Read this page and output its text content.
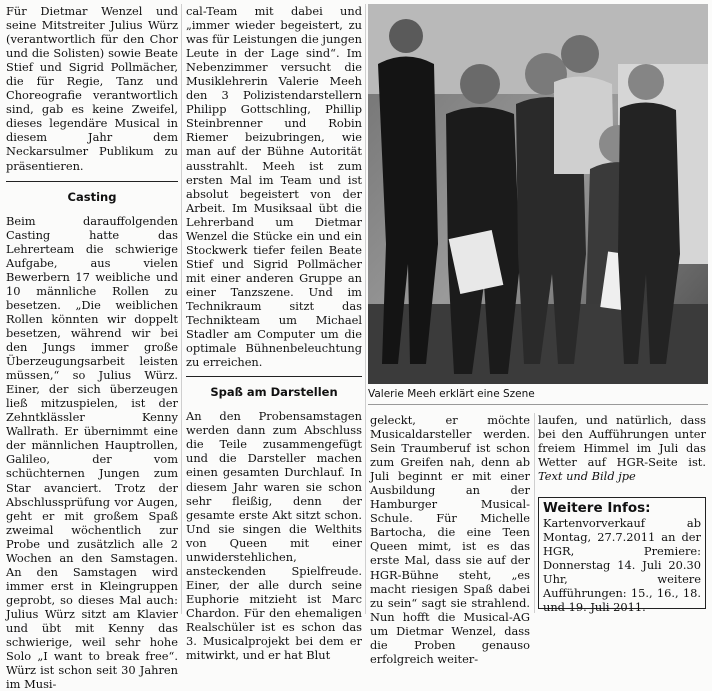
Für Dietmar Wenzel und seine Mitstreiter Julius Würz (verantwortlich für den Chor und die Solisten) sowie Beate Stief und Sigrid Pollmächer, die für Regie, Tanz und Choreografie verantwortlich sind, gab es keine Zweifel, dieses legendäre Musical in diesem Jahr dem Neckarsulmer Publikum zu präsentieren.

Casting

Beim darauffolgenden Casting hatte das Lehrerteam die schwierige Aufgabe, aus vielen Bewerbern 17 weibliche und 10 männliche Rollen zu besetzen. „Die weiblichen Rollen könnten wir doppelt besetzen, während wir bei den Jungs immer große Überzeugungsarbeit leisten müssen,“ so Julius Würz. Einer, der sich überzeugen ließ mitzuspielen, ist der Zehntklässler Kenny Wallrath. Er übernimmt eine der männlichen Hauptrollen, Galileo, der vom schüchternen Jungen zum Star avanciert. Trotz der Abschlussprüfung vor Augen, geht er mit großem Spaß zweimal wöchentlich zur Probe und zusätzlich alle 2 Wochen an den Samstagen. An den Samstagen wird immer erst in Kleingruppen geprobt, so dieses Mal auch: Julius Würz sitzt am Klavier und übt mit Kenny das schwierige, weil sehr hohe Solo „I want to break free“. Würz ist schon seit 30 Jahren im Musi-

cal-Team mit dabei und „immer wieder begeistert, zu was für Leistungen die jungen Leute in der Lage sind“. Im Nebenzimmer versucht die Musiklehrerin Valerie Meeh den 3 Polizistendarstellern Philipp Gottschling, Phillip Steinbrenner und Robin Riemer beizubringen, wie man auf der Bühne Autorität ausstrahlt. Meeh ist zum ersten Mal im Team und ist absolut begeistert von der Arbeit. Im Musiksaal übt die Lehrerband um Dietmar Wenzel die Stücke ein und ein Stockwerk tiefer feilen Beate Stief und Sigrid Pollmächer mit einer anderen Gruppe an einer Tanzszene. Und im Technikraum sitzt das Technikteam um Michael Stadler am Computer um die optimale Bühnenbeleuchtung zu erreichen.

Spaß am Darstellen

An den Probensamstagen werden dann zum Abschluss die Teile zusammengefügt und die Darsteller machen einen gesamten Durchlauf. In diesem Jahr waren sie schon sehr fleißig, denn der gesamte erste Akt sitzt schon. Und sie singen die Welthits von Queen mit einer unwiderstehlichen, ansteckenden Spielfreude. Einer, der alle durch seine Euphorie mitzieht ist Marc Chardon. Für den ehemaligen Realschüler ist es schon das 3. Musicalprojekt bei dem er mitwirkt, und er hat Blut

Valerie Meeh erklärt eine Szene

geleckt, er möchte Musicaldarsteller werden. Sein Traumberuf ist schon zum Greifen nah, denn ab Juli beginnt er mit einer Ausbildung an der Hamburger Musical-Schule. Für Michelle Bartocha, die eine Teen Queen mimt, ist es das erste Mal, dass sie auf der HGR-Bühne steht, „es macht riesigen Spaß dabei zu sein“ sagt sie strahlend. Nun hofft die Musical-AG um Dietmar Wenzel, dass die Proben genauso erfolgreich weiter-

laufen, und natürlich, dass bei den Aufführungen unter freiem Himmel im Juli das Wetter auf HGR-Seite ist. Text und Bild jpe

Weitere Infos:
Kartenvorverkauf ab Montag, 27.7.2011 an der HGR, Premiere: Donnerstag 14. Juli 20.30 Uhr, weitere Aufführungen: 15., 16., 18. und 19. Juli 2011.
